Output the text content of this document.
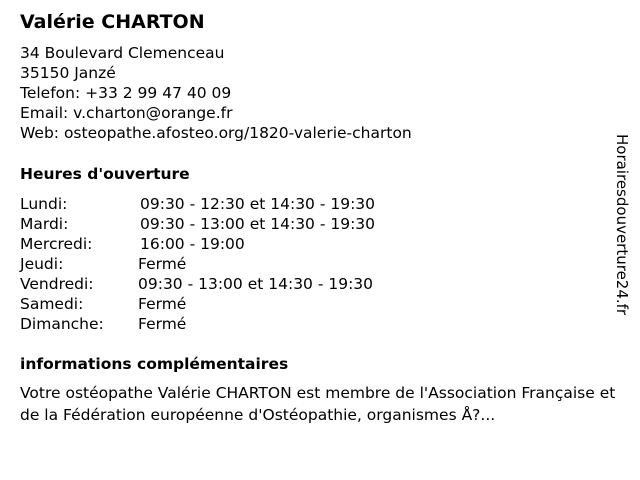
Valérie CHARTON
34 Boulevard Clemenceau
35150 Janzé
Telefon: +33 2 99 47 40 09
Email: v.charton@orange.fr
Web: osteopathe.afosteo.org/1820-valerie-charton
Heures d'ouverture
Lundi:	09:30 - 12:30 et 14:30 - 19:30
Mardi:	09:30 - 13:00 et 14:30 - 19:30
Mercredi:	16:00 - 19:00
Jeudi:	Fermé
Vendredi:	09:30 - 13:00 et 14:30 - 19:30
Samedi:	Fermé
Dimanche: Fermé
informations complémentaires
Votre ostéopathe Valérie CHARTON est membre de l'Association Française et de la Fédération européenne d'Ostéopathie, organismes Å?...
Horairesdouverture24.fr
